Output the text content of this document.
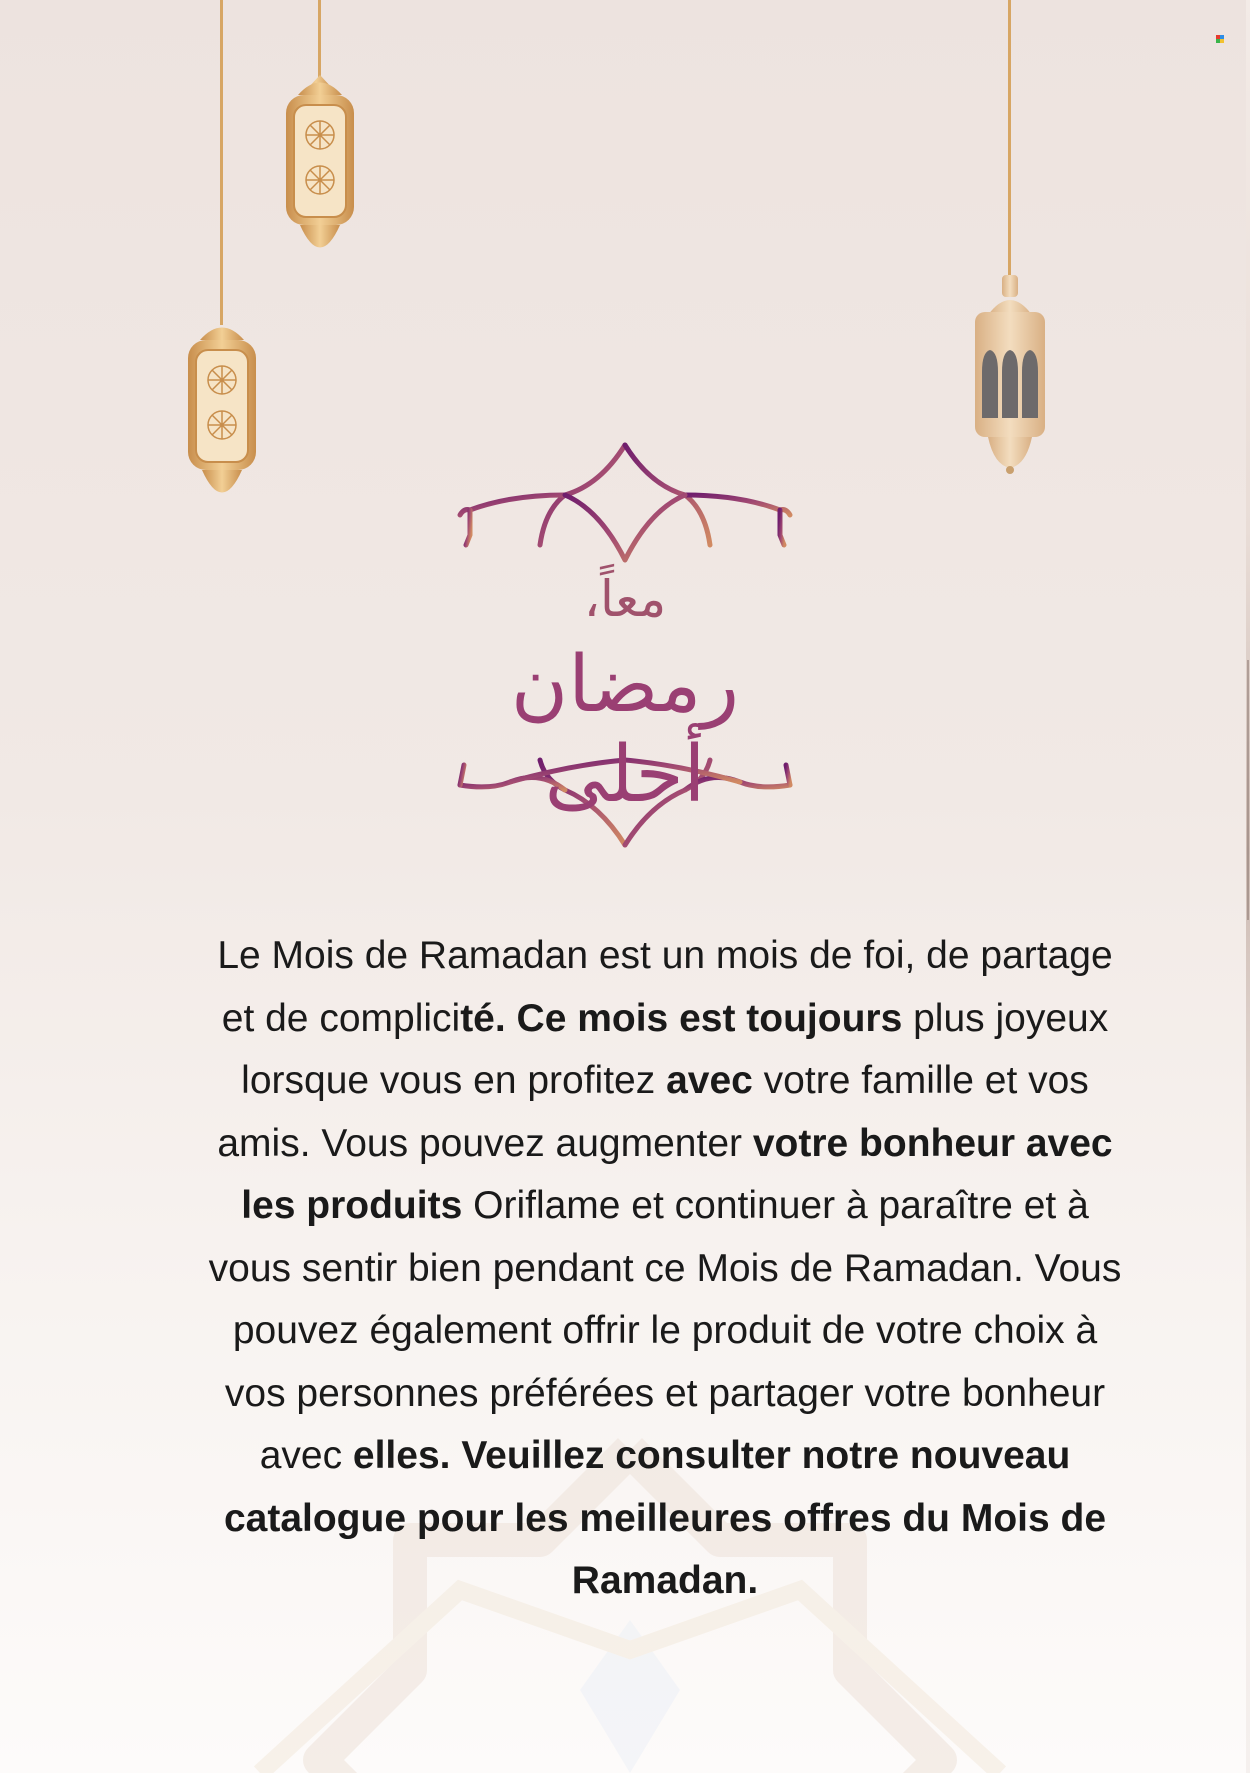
معاً،
رمضان أحلى
Le Mois de Ramadan est un mois de foi, de partage et de complicité. Ce mois est toujours plus joyeux lorsque vous en profitez avec votre famille et vos amis. Vous pouvez augmenter votre bonheur avec les produits Oriflame et continuer à paraître et à vous sentir bien pendant ce Mois de Ramadan. Vous pouvez également offrir le produit de votre choix à vos personnes préférées et partager votre bonheur avec elles. Veuillez consulter notre nouveau catalogue pour les meilleures offres du Mois de Ramadan.
